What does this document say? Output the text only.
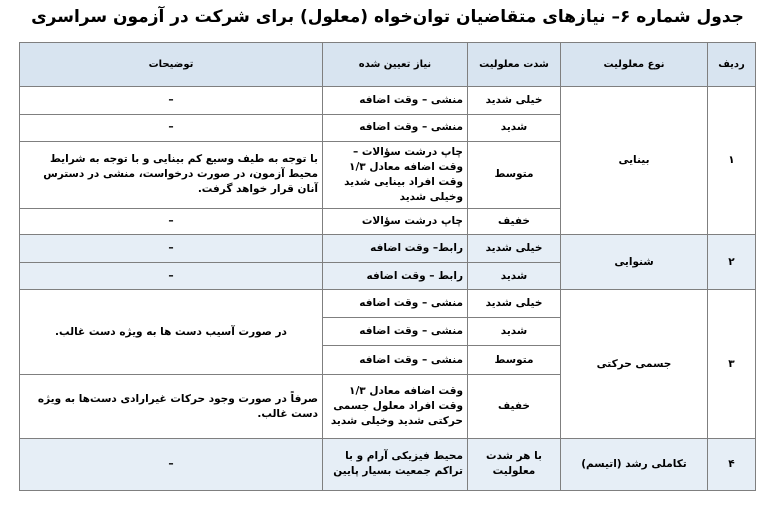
جدول شماره ۶– نیازهای متقاضیان توان‌خواه (معلول) برای شرکت در آزمون سراسری
ردیف	نوع معلولیت	شدت معلولیت	نیاز تعیین شده	توضیحات
۱	بینایی	خیلی شدید	منشی – وقت اضافه	–
		شدید	منشی – وقت اضافه	–
		متوسط	چاپ درشت سؤالات – وقت اضافه معادل ۱/۳ وقت افراد بینایی شدید وخیلی شدید	با توجه به طیف وسیع کم بینایی و با توجه به شرایط محیط آزمون، در صورت درخواست، منشی در دسترس آنان قرار خواهد گرفت.
		خفیف	چاپ درشت سؤالات	–
۲	شنوایی	خیلی شدید	رابط– وقت اضافه	–
		شدید	رابط – وقت اضافه	–
۳	جسمی حرکتی	خیلی شدید	منشی – وقت اضافه	در صورت آسیب دست ها به ویژه دست غالب.
		شدید	منشی – وقت اضافه	
		متوسط	منشی – وقت اضافه	
		خفیف	وقت اضافه معادل ۱/۳ وقت افراد معلول جسمی حرکتی شدید وخیلی شدید	صرفاً در صورت وجود حرکات غیرارادی دست‌ها به ویژه دست غالب.
۴	تکاملی رشد (اتیسم)	با هر شدت معلولیت	محیط فیزیکی آرام و با تراکم جمعیت بسیار پایین	–
